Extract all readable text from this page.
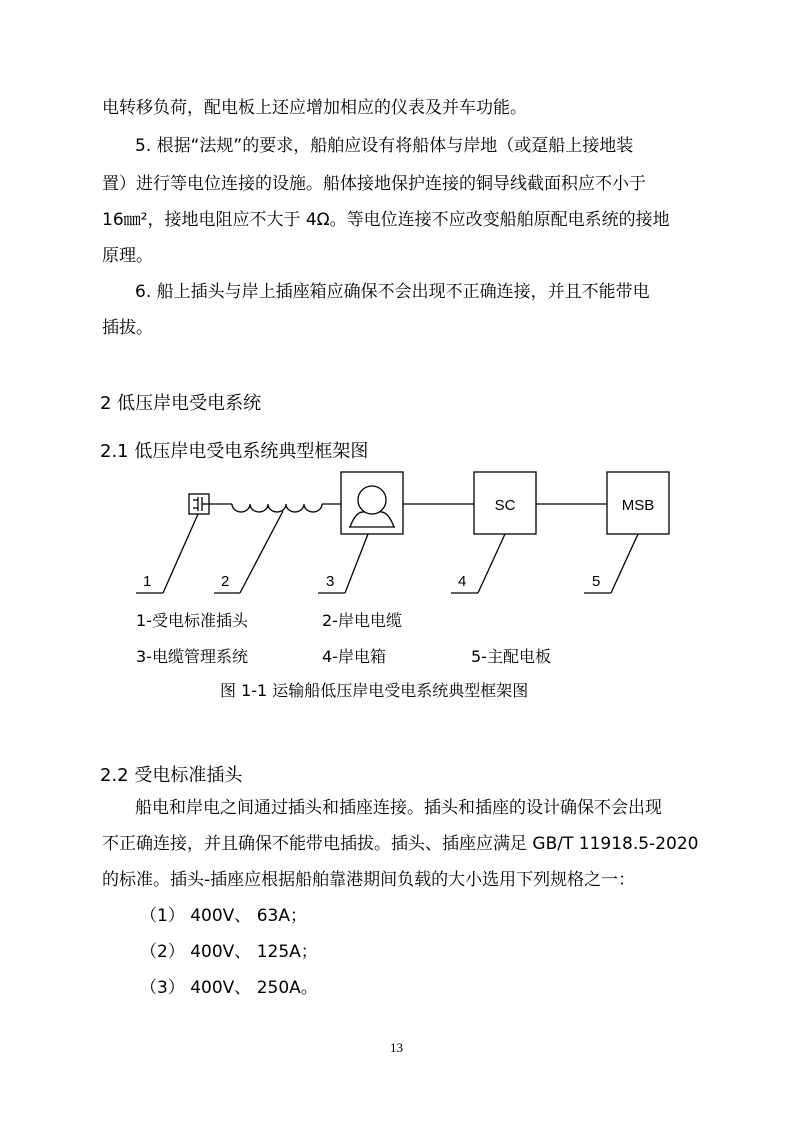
电转移负荷，配电板上还应增加相应的仪表及并车功能。
5. 根据“法规”的要求，船舶应设有将船体与岸地（或趸船上接地装
置）进行等电位连接的设施。船体接地保护连接的铜导线截面积应不小于
16㎜²，接地电阻应不大于 4Ω。等电位连接不应改变船舶原配电系统的接地
原理。
6. 船上插头与岸上插座箱应确保不会出现不正确连接，并且不能带电
插拔。
2 低压岸电受电系统
2.1 低压岸电受电系统典型框架图
SC	MSB
1	2	3	4	5
1-受电标准插头	2-岸电电缆
3-电缆管理系统	4-岸电箱	5-主配电板
图 1-1 运输船低压岸电受电系统典型框架图
2.2 受电标准插头
船电和岸电之间通过插头和插座连接。插头和插座的设计确保不会出现
不正确连接，并且确保不能带电插拔。插头、插座应满足 GB/T 11918.5-2020
的标准。插头-插座应根据船舶靠港期间负载的大小选用下列规格之一：
（1） 400V、 63A；
（2） 400V、 125A；
（3） 400V、 250A。
13
